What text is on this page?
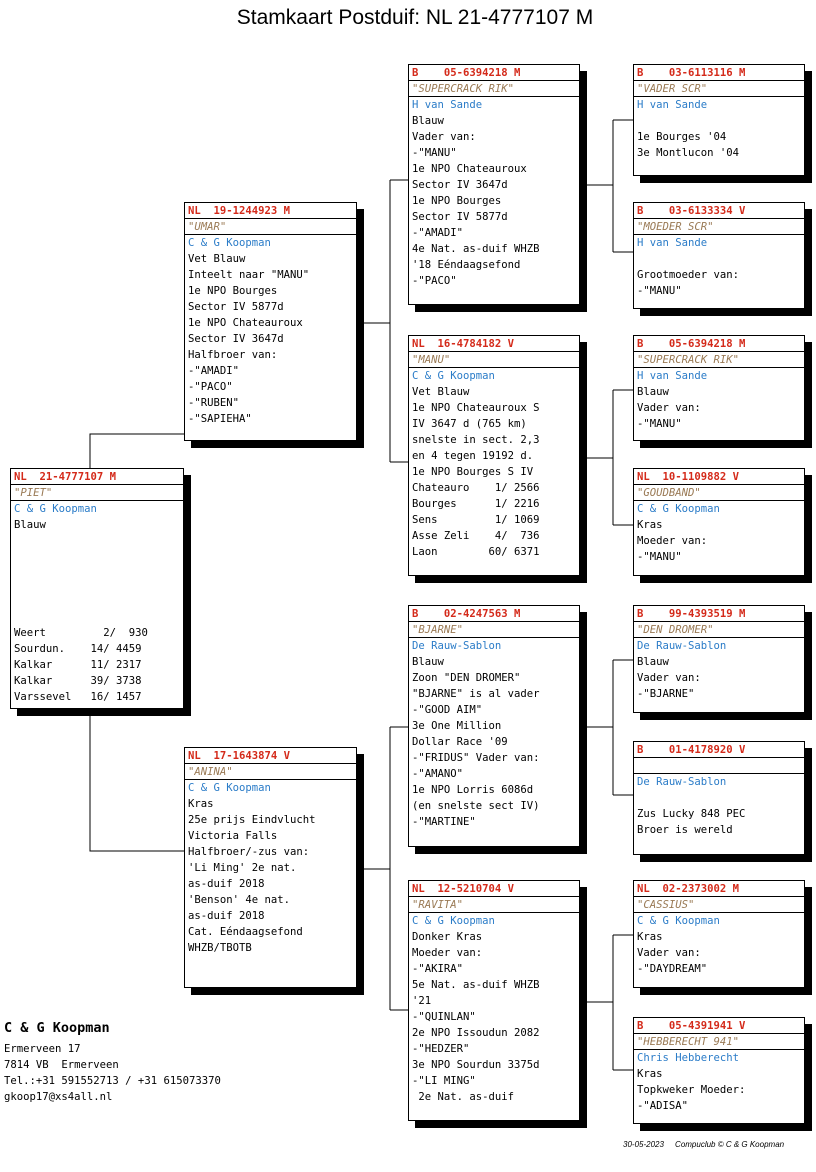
Stamkaart Postduif: NL 21-4777107 M
NL  21-4777107 M
"PIET"
C & G Koopman
Blauw
Weert         2/  930
Sourdun.    14/ 4459
Kalkar      11/ 2317
Kalkar      39/ 3738
Varssevel   16/ 1457
NL  19-1244923 M
"UMAR"
C & G Koopman
Vet Blauw
Inteelt naar "MANU"
1e NPO Bourges
Sector IV 5877d
1e NPO Chateauroux
Sector IV 3647d
Halfbroer van:
-"AMADI"
-"PACO"
-"RUBEN"
-"SAPIEHA"
NL  17-1643874 V
"ANINA"
C & G Koopman
Kras
25e prijs Eindvlucht
Victoria Falls
Halfbroer/-zus van:
'Li Ming' 2e nat.
as-duif 2018
'Benson' 4e nat.
as-duif 2018
Cat. Eéndaagsefond
WHZB/TBOTB
B    05-6394218 M
"SUPERCRACK RIK"
H van Sande
Blauw
Vader van:
-"MANU"
1e NPO Chateauroux
Sector IV 3647d
1e NPO Bourges
Sector IV 5877d
-"AMADI"
4e Nat. as-duif WHZB
'18 Eéndaagsefond
-"PACO"
NL  16-4784182 V
"MANU"
C & G Koopman
Vet Blauw
1e NPO Chateauroux S
IV 3647 d (765 km)
snelste in sect. 2,3
en 4 tegen 19192 d.
1e NPO Bourges S IV
Chateauro    1/ 2566
Bourges      1/ 2216
Sens         1/ 1069
Asse Zeli    4/  736
Laon        60/ 6371
B    02-4247563 M
"BJARNE"
De Rauw-Sablon
Blauw
Zoon "DEN DROMER"
"BJARNE" is al vader
-"GOOD AIM"
3e One Million
Dollar Race '09
-"FRIDUS" Vader van:
-"AMANO"
1e NPO Lorris 6086d
(en snelste sect IV)
-"MARTINE"
NL  12-5210704 V
"RAVITA"
C & G Koopman
Donker Kras
Moeder van:
-"AKIRA"
5e Nat. as-duif WHZB
'21
-"QUINLAN"
2e NPO Issoudun 2082
-"HEDZER"
3e NPO Sourdun 3375d
-"LI MING"
2e Nat. as-duif
B    03-6113116 M
"VADER SCR"
H van Sande
1e Bourges '04
3e Montlucon '04
B    03-6133334 V
"MOEDER SCR"
H van Sande
Grootmoeder van:
-"MANU"
B    05-6394218 M
"SUPERCRACK RIK"
H van Sande
Blauw
Vader van:
-"MANU"
NL  10-1109882 V
"GOUDBAND"
C & G Koopman
Kras
Moeder van:
-"MANU"
B    99-4393519 M
"DEN DROMER"
De Rauw-Sablon
Blauw
Vader van:
-"BJARNE"
B    01-4178920 V
De Rauw-Sablon
Zus Lucky 848 PEC
Broer is wereld
NL  02-2373002 M
"CASSIUS"
C & G Koopman
Kras
Vader van:
-"DAYDREAM"
B    05-4391941 V
"HEBBERECHT 941"
Chris Hebberecht
Kras
Topkweker Moeder:
-"ADISA"
C & G Koopman
Ermerveen 17
7814 VB  Ermerveen
Tel.:+31 591552713 / +31 615073370
gkoop17@xs4all.nl
30-05-2023     Compuclub © C & G Koopman
